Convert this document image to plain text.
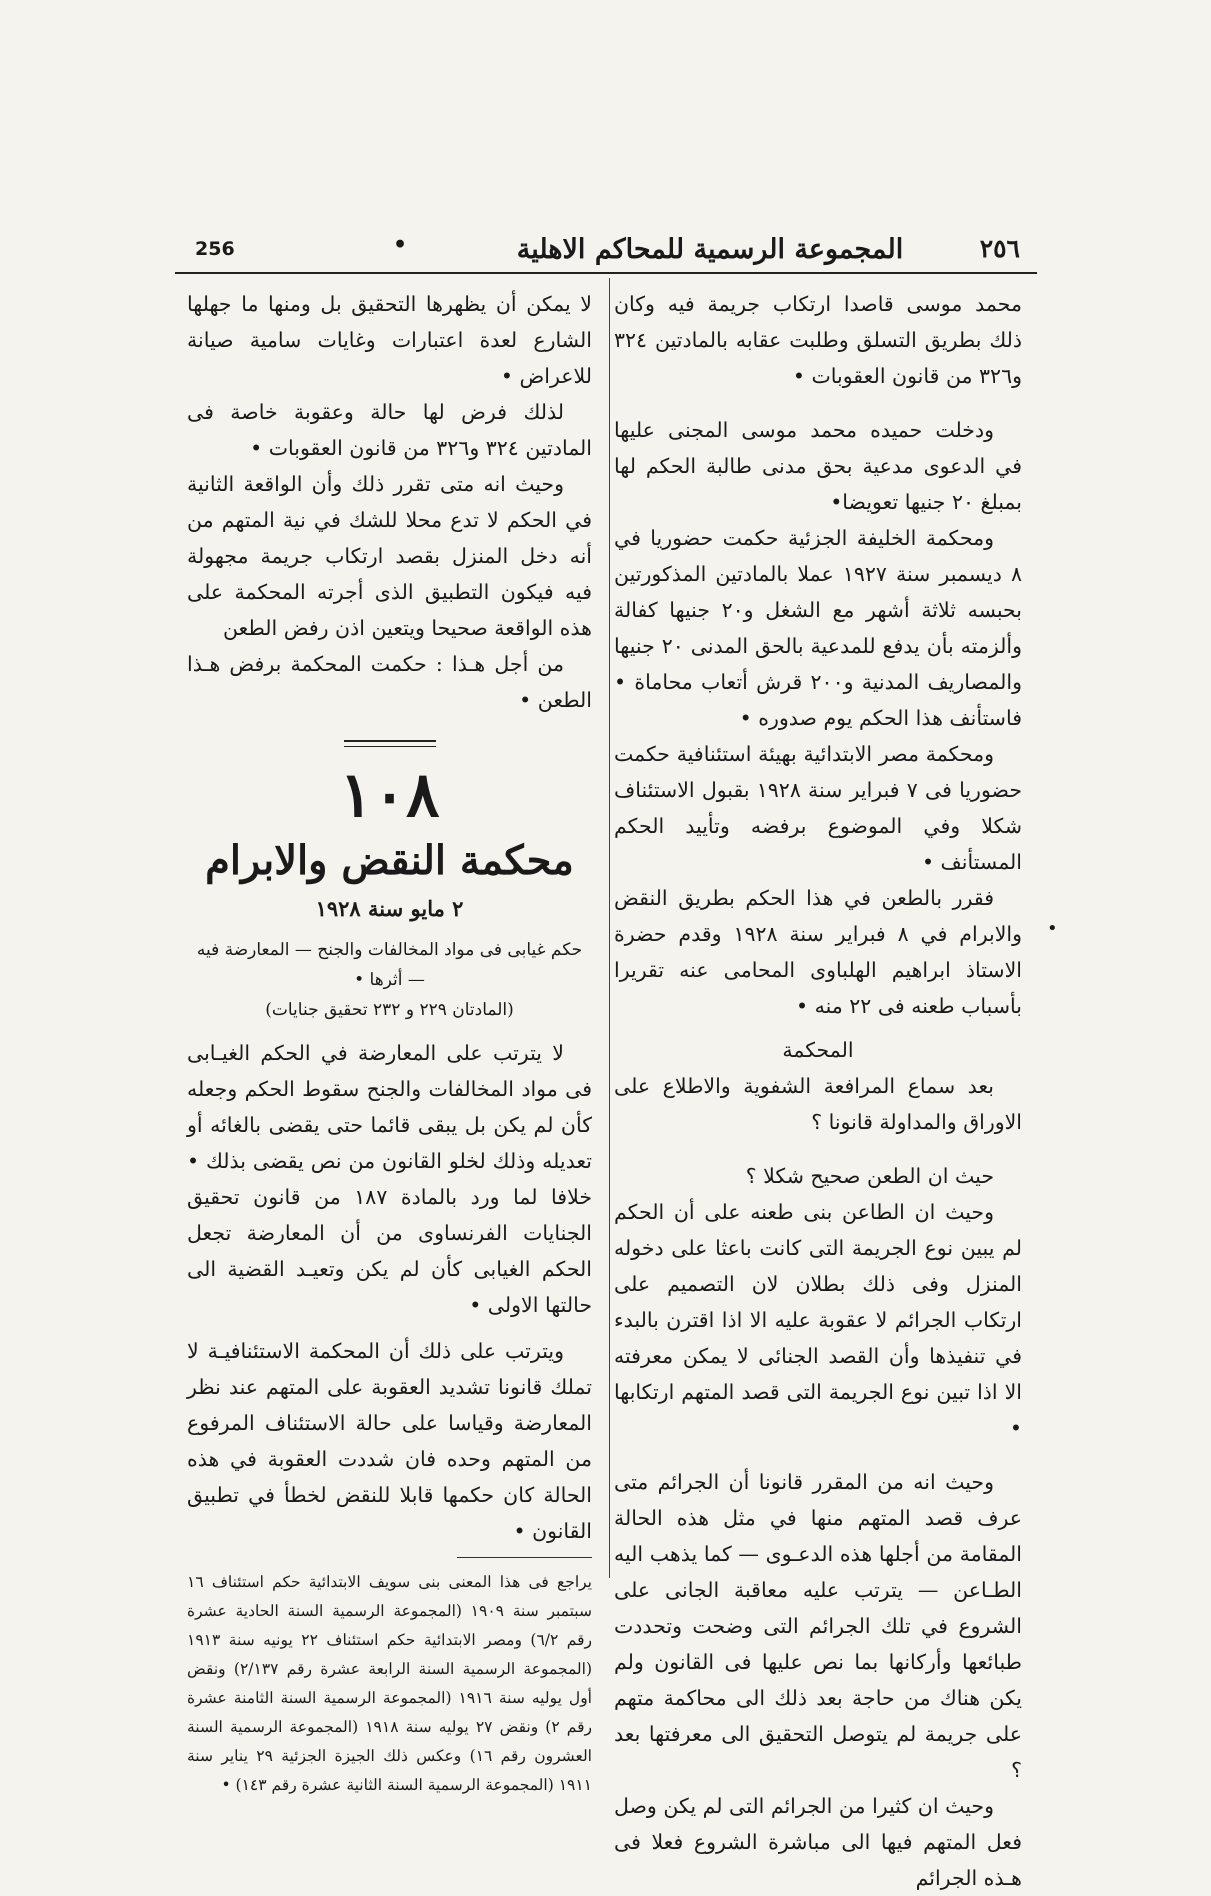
256	•	المجموعة الرسمية للمحاكم الاهلية	٢٥٦

محمد موسى قاصدا ارتكاب جريمة فيه وكان ذلك بطريق التسلق وطلبت عقابه بالمادتين ٣٢٤ و٣٢٦ من قانون العقوبات •

ودخلت حميده محمد موسى المجنى عليها في الدعوى مدعية بحق مدنى طالبة الحكم لها بمبلغ ٢٠ جنيها تعويضا•

ومحكمة الخليفة الجزئية حكمت حضوريا في ٨ ديسمبر سنة ١٩٢٧ عملا بالمادتين المذكورتين بحبسه ثلاثة أشهر مع الشغل و٢٠ جنيها كفالة وألزمته بأن يدفع للمدعية بالحق المدنى ٢٠ جنيها والمصاريف المدنية و٢٠٠ قرش أتعاب محاماة • فاستأنف هذا الحكم يوم صدوره •

ومحكمة مصر الابتدائية بهيئة استئنافية حكمت حضوريا فى ٧ فبراير سنة ١٩٢٨ بقبول الاستئناف شكلا وفي الموضوع برفضه وتأييد الحكم المستأنف •

فقرر بالطعن في هذا الحكم بطريق النقض والابرام في ٨ فبراير سنة ١٩٢٨ وقدم حضرة الاستاذ ابراهيم الهلباوى المحامى عنه تقريرا بأسباب طعنه فى ٢٢ منه •

المحكمة

بعد سماع المرافعة الشفوية والاطلاع على الاوراق والمداولة قانونا ؟

حيث ان الطعن صحيح شكلا ؟

وحيث ان الطاعن بنى طعنه على أن الحكم لم يبين نوع الجريمة التى كانت باعثا على دخوله المنزل وفى ذلك بطلان لان التصميم على ارتكاب الجرائم لا عقوبة عليه الا اذا اقترن بالبدء في تنفيذها وأن القصد الجنائى لا يمكن معرفته الا اذا تبين نوع الجريمة التى قصد المتهم ارتكابها •

وحيث انه من المقرر قانونا أن الجرائم متى عرف قصد المتهم منها في مثل هذه الحالة المقامة من أجلها هذه الدعـوى — كما يذهب اليه الطـاعن — يترتب عليه معاقبة الجانى على الشروع في تلك الجرائم التى وضحت وتحددت طبائعها وأركانها بما نص عليها فى القانون ولم يكن هناك من حاجة بعد ذلك الى محاكمة متهم على جريمة لم يتوصل التحقيق الى معرفتها بعد ؟

وحيث ان كثيرا من الجرائم التى لم يكن وصل فعل المتهم فيها الى مباشرة الشروع فعلا فى هـذه الجرائم

لا يمكن أن يظهرها التحقيق بل ومنها ما جهلها الشارع لعدة اعتبارات وغايات سامية صيانة للاعراض •

لذلك فرض لها حالة وعقوبة خاصة فى المادتين ٣٢٤ و٣٢٦ من قانون العقوبات •

وحيث انه متى تقرر ذلك وأن الواقعة الثانية في الحكم لا تدع محلا للشك في نية المتهم من أنه دخل المنزل بقصد ارتكاب جريمة مجهولة فيه فيكون التطبيق الذى أجرته المحكمة على هذه الواقعة صحيحا ويتعين اذن رفض الطعن

من أجل هـذا : حكمت المحكمة برفض هـذا الطعن •

١٠٨
محكمة النقض والابرام
٢ مايو سنة ١٩٢٨
حكم غيابى فى مواد المخالفات والجنح — المعارضة فيه — أثرها •
(المادتان ٢٢٩ و ٢٣٢ تحقيق جنايات)

لا يترتب على المعارضة في الحكم الغيـابى فى مواد المخالفات والجنح سقوط الحكم وجعله كأن لم يكن بل يبقى قائما حتى يقضى بالغائه أو تعديله وذلك لخلو القانون من نص يقضى بذلك • خلافا لما ورد بالمادة ١٨٧ من قانون تحقيق الجنايات الفرنساوى من أن المعارضة تجعل الحكم الغيابى كأن لم يكن وتعيـد القضية الى حالتها الاولى •

ويترتب على ذلك أن المحكمة الاستئنافيـة لا تملك قانونا تشديد العقوبة على المتهم عند نظر المعارضة وقياسا على حالة الاستئناف المرفوع من المتهم وحده فان شددت العقوبة في هذه الحالة كان حكمها قابلا للنقض لخطأ في تطبيق القانون •

يراجع فى هذا المعنى بنى سويف الابتدائية حكم استئناف ١٦ سبتمبر سنة ١٩٠٩ (المجموعة الرسمية السنة الحادية عشرة رقم ٦/٢) ومصر الابتدائية حكم استئناف ٢٢ يونيه سنة ١٩١٣ (المجموعة الرسمية السنة الرابعة عشرة رقم ٢/١٣٧) ونقض أول يوليه سنة ١٩١٦ (المجموعة الرسمية السنة الثامنة عشرة رقم ٢) ونقض ٢٧ يوليه سنة ١٩١٨ (المجموعة الرسمية السنة العشرون رقم ١٦) وعكس ذلك الجيزة الجزئية ٢٩ يناير سنة ١٩١١ (المجموعة الرسمية السنة الثانية عشرة رقم ١٤٣) •
•
